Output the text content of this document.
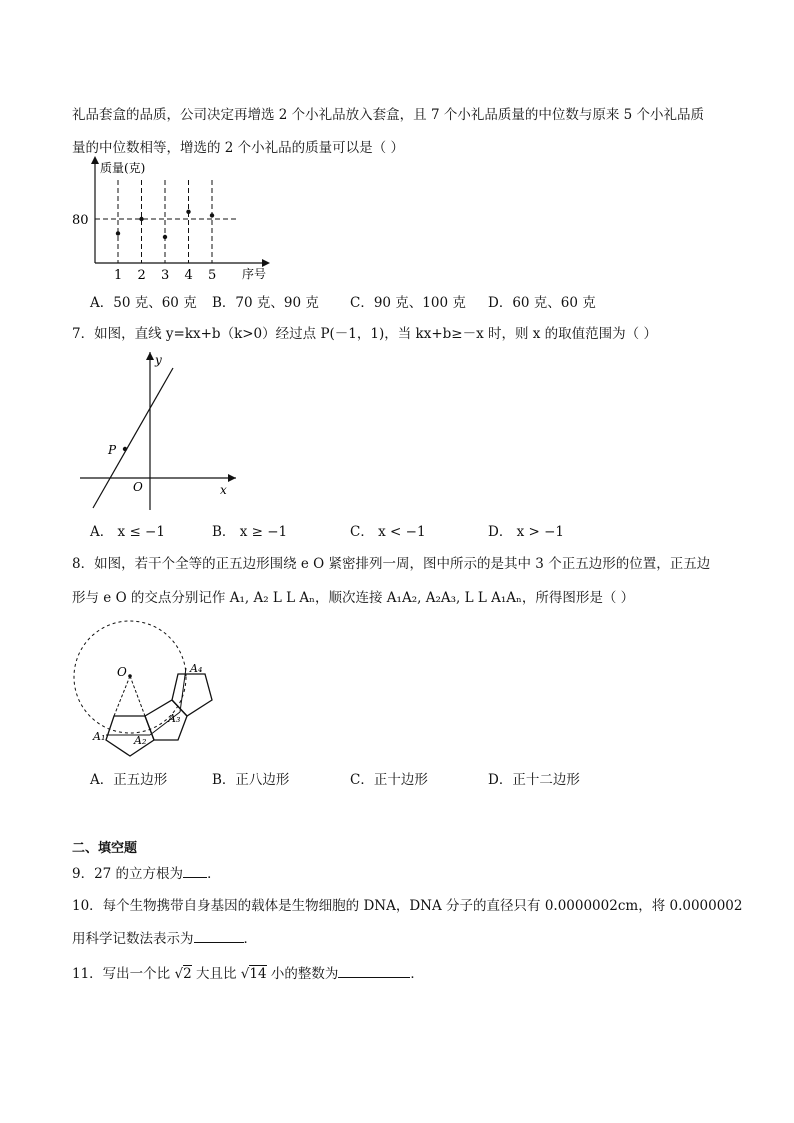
礼品套盒的品质，公司决定再增选 2 个小礼品放入套盒，且 7 个小礼品质量的中位数与原来 5 个小礼品质
量的中位数相等，增选的 2 个小礼品的质量可以是（ ）
质量(克)
序号
80
1 2 3 4 5
A．50 克、60 克 B．70 克、90 克 C．90 克、100 克 D．60 克、60 克
7．如图，直线 y=kx+b（k>0）经过点 P(－1，1)，当 kx+b≥－x 时，则 x 的取值范围为（ ）
P
O	x
y
A． x ≤ −1	B． x ≥ −1	C． x < −1	D． x > −1
8．如图，若干个全等的正五边形围绕 e O 紧密排列一周，图中所示的是其中 3 个正五边形的位置，正五边
形与 e O 的交点分别记作 A₁, A₂ L L Aₙ，顺次连接 A₁A₂, A₂A₃, L L A₁Aₙ，所得图形是（ ）
O
A₁	A₂
A₃
A₄
A．正五边形	B．正八边形	C．正十边形	D．正十二边形
二、填空题
9．27 的立方根为 ．
10．每个生物携带自身基因的载体是生物细胞的 DNA，DNA 分子的直径只有 0.0000002cm，将 0.0000002
用科学记数法表示为	．
11．写出一个比 √2 大且比 √14 小的整数为	．
